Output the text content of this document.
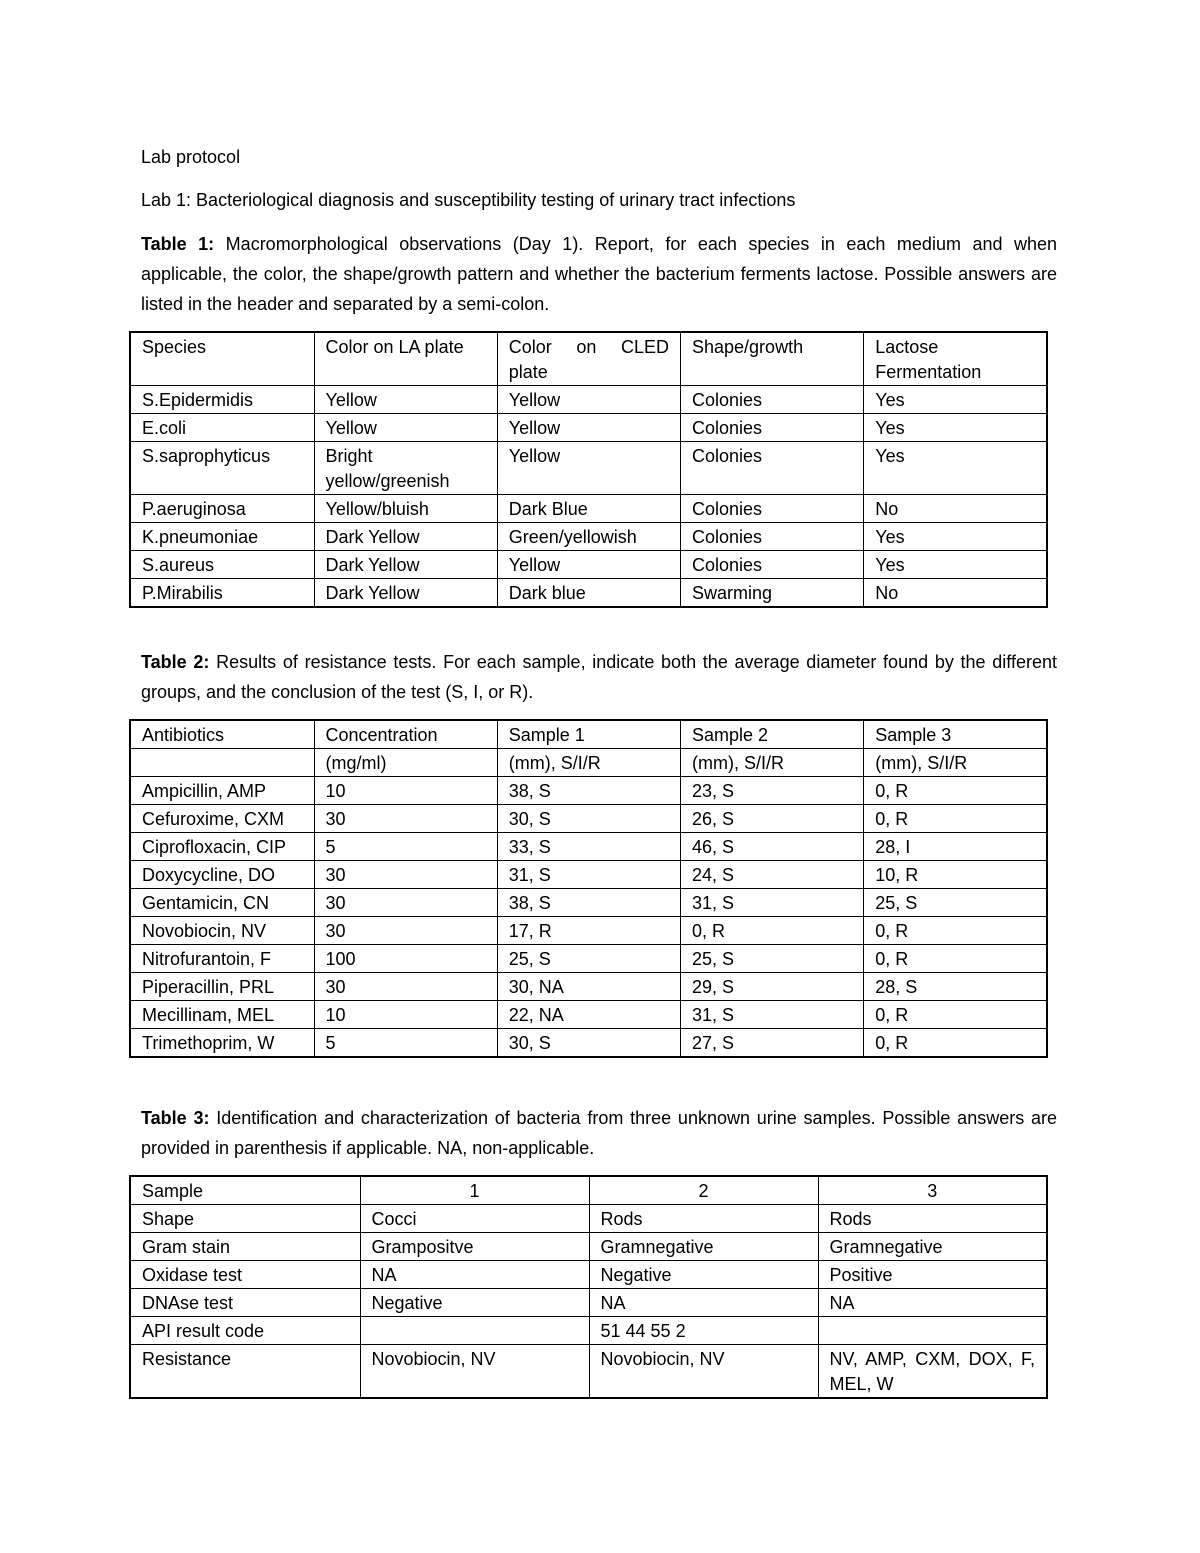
Lab protocol

Lab 1: Bacteriological diagnosis and susceptibility testing of urinary tract infections

Table 1: Macromorphological observations (Day 1). Report, for each species in each medium and when applicable, the color, the shape/growth pattern and whether the bacterium ferments lactose. Possible answers are listed in the header and separated by a semi-colon.

Species	Color on LA plate	Color on CLED plate	Shape/growth	Lactose Fermentation
S.Epidermidis	Yellow	Yellow	Colonies	Yes
E.coli	Yellow	Yellow	Colonies	Yes
S.saprophyticus	Bright yellow/greenish	Yellow	Colonies	Yes
P.aeruginosa	Yellow/bluish	Dark Blue	Colonies	No
K.pneumoniae	Dark Yellow	Green/yellowish	Colonies	Yes
S.aureus	Dark Yellow	Yellow	Colonies	Yes
P.Mirabilis	Dark Yellow	Dark blue	Swarming	No

Table 2: Results of resistance tests. For each sample, indicate both the average diameter found by the different groups, and the conclusion of the test (S, I, or R).

Antibiotics	Concentration	Sample 1	Sample 2	Sample 3
	(mg/ml)	(mm), S/I/R	(mm), S/I/R	(mm), S/I/R
Ampicillin, AMP	10	38, S	23, S	0, R
Cefuroxime, CXM	30	30, S	26, S	0, R
Ciprofloxacin, CIP	5	33, S	46, S	28, I
Doxycycline, DO	30	31, S	24, S	10, R
Gentamicin, CN	30	38, S	31, S	25, S
Novobiocin, NV	30	17, R	0, R	0, R
Nitrofurantoin, F	100	25, S	25, S	0, R
Piperacillin, PRL	30	30, NA	29, S	28, S
Mecillinam, MEL	10	22, NA	31, S	0, R
Trimethoprim, W	5	30, S	27, S	0, R

Table 3: Identification and characterization of bacteria from three unknown urine samples. Possible answers are provided in parenthesis if applicable. NA, non-applicable.

Sample	1	2	3
Shape	Cocci	Rods	Rods
Gram stain	Grampositve	Gramnegative	Gramnegative
Oxidase test	NA	Negative	Positive
DNAse test	Negative	NA	NA
API result code		51 44 55 2	
Resistance	Novobiocin, NV	Novobiocin, NV	NV, AMP, CXM, DOX, F, MEL, W
